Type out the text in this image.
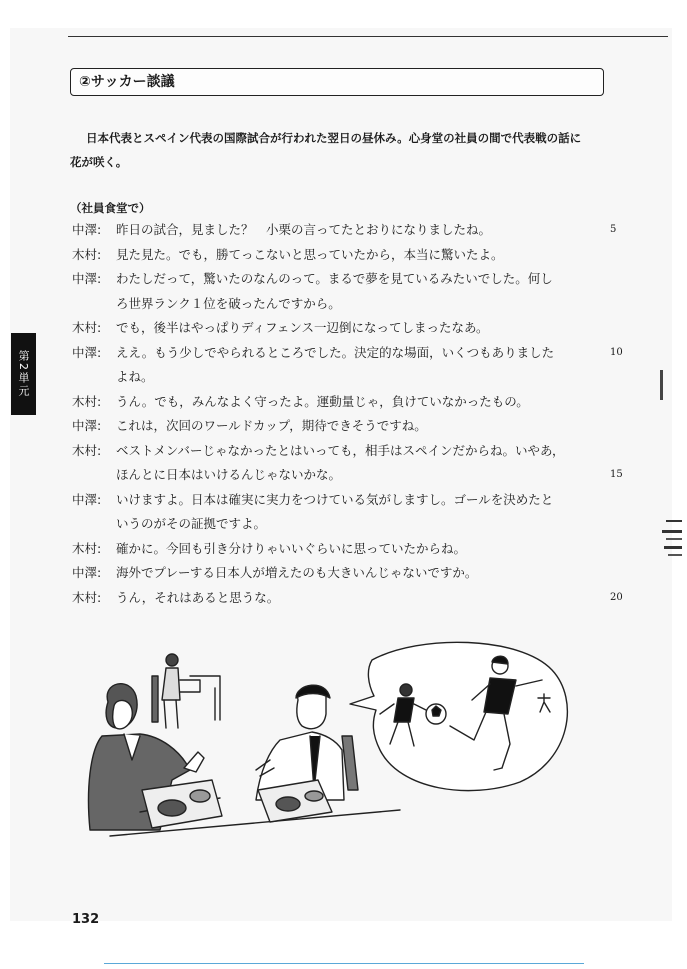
②サッカー談議
日本代表とスペイン代表の国際試合が行われた翌日の昼休み。心身堂の社員の間で代表戦の話に
花が咲く。
（社員食堂で）
中澤: 昨日の試合，見ました？　小栗の言ってたとおりになりましたね。	5
木村: 見た見た。でも，勝てっこないと思っていたから，本当に驚いたよ。
中澤: わたしだって，驚いたのなんのって。まるで夢を見ているみたいでした。何し
ろ世界ランク１位を破ったんですから。
木村: でも，後半はやっぱりディフェンス一辺倒になってしまったなあ。
中澤: ええ。もう少しでやられるところでした。決定的な場面，いくつもありました	10
よね。
木村: うん。でも，みんなよく守ったよ。運動量じゃ，負けていなかったもの。
中澤: これは，次回のワールドカップ，期待できそうですね。
木村: ベストメンバーじゃなかったとはいっても，相手はスペインだからね。いやあ，
ほんとに日本はいけるんじゃないかな。	15
中澤: いけますよ。日本は確実に実力をつけている気がしますし。ゴールを決めたと
いうのがその証拠ですよ。
木村: 確かに。今回も引き分けりゃいいぐらいに思っていたからね。
中澤: 海外でプレーする日本人が増えたのも大きいんじゃないですか。
木村: うん，それはあると思うな。	20
第2単元
132
